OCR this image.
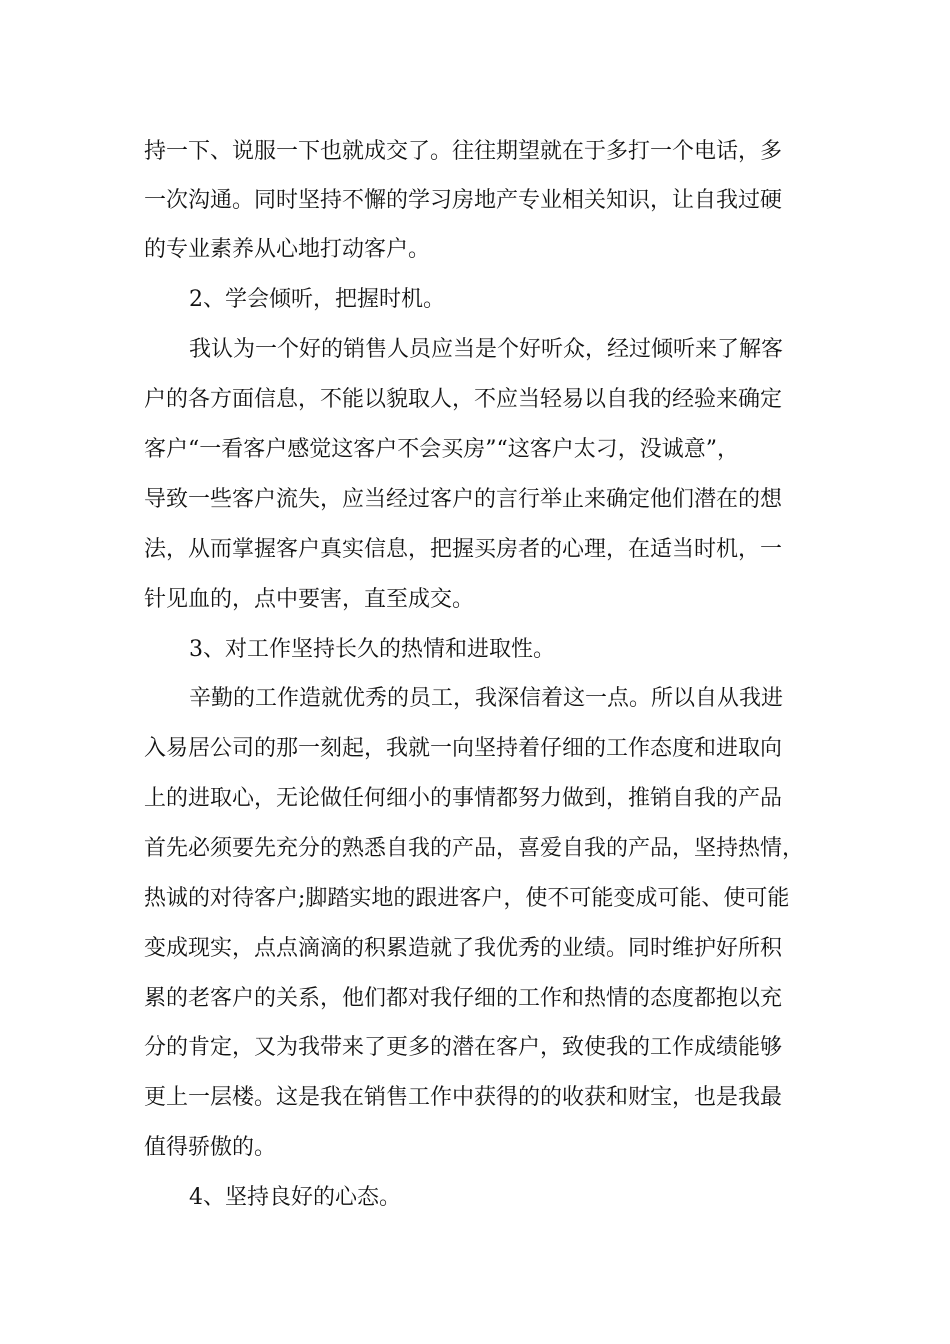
持一下、说服一下也就成交了。往往期望就在于多打一个电话，多
一次沟通。同时坚持不懈的学习房地产专业相关知识，让自我过硬
的专业素养从心地打动客户。
2、学会倾听，把握时机。
我认为一个好的销售人员应当是个好听众，经过倾听来了解客
户的各方面信息，不能以貌取人，不应当轻易以自我的经验来确定
客户“一看客户感觉这客户不会买房”“这客户太刁，没诚意”，
导致一些客户流失，应当经过客户的言行举止来确定他们潜在的想
法，从而掌握客户真实信息，把握买房者的心理，在适当时机，一
针见血的，点中要害，直至成交。
3、对工作坚持长久的热情和进取性。
辛勤的工作造就优秀的员工，我深信着这一点。所以自从我进
入易居公司的那一刻起，我就一向坚持着仔细的工作态度和进取向
上的进取心，无论做任何细小的事情都努力做到，推销自我的产品
首先必须要先充分的熟悉自我的产品，喜爱自我的产品，坚持热情，
热诚的对待客户;脚踏实地的跟进客户，使不可能变成可能、使可能
变成现实，点点滴滴的积累造就了我优秀的业绩。同时维护好所积
累的老客户的关系，他们都对我仔细的工作和热情的态度都抱以充
分的肯定，又为我带来了更多的潜在客户，致使我的工作成绩能够
更上一层楼。这是我在销售工作中获得的的收获和财宝，也是我最
值得骄傲的。
4、坚持良好的心态。
